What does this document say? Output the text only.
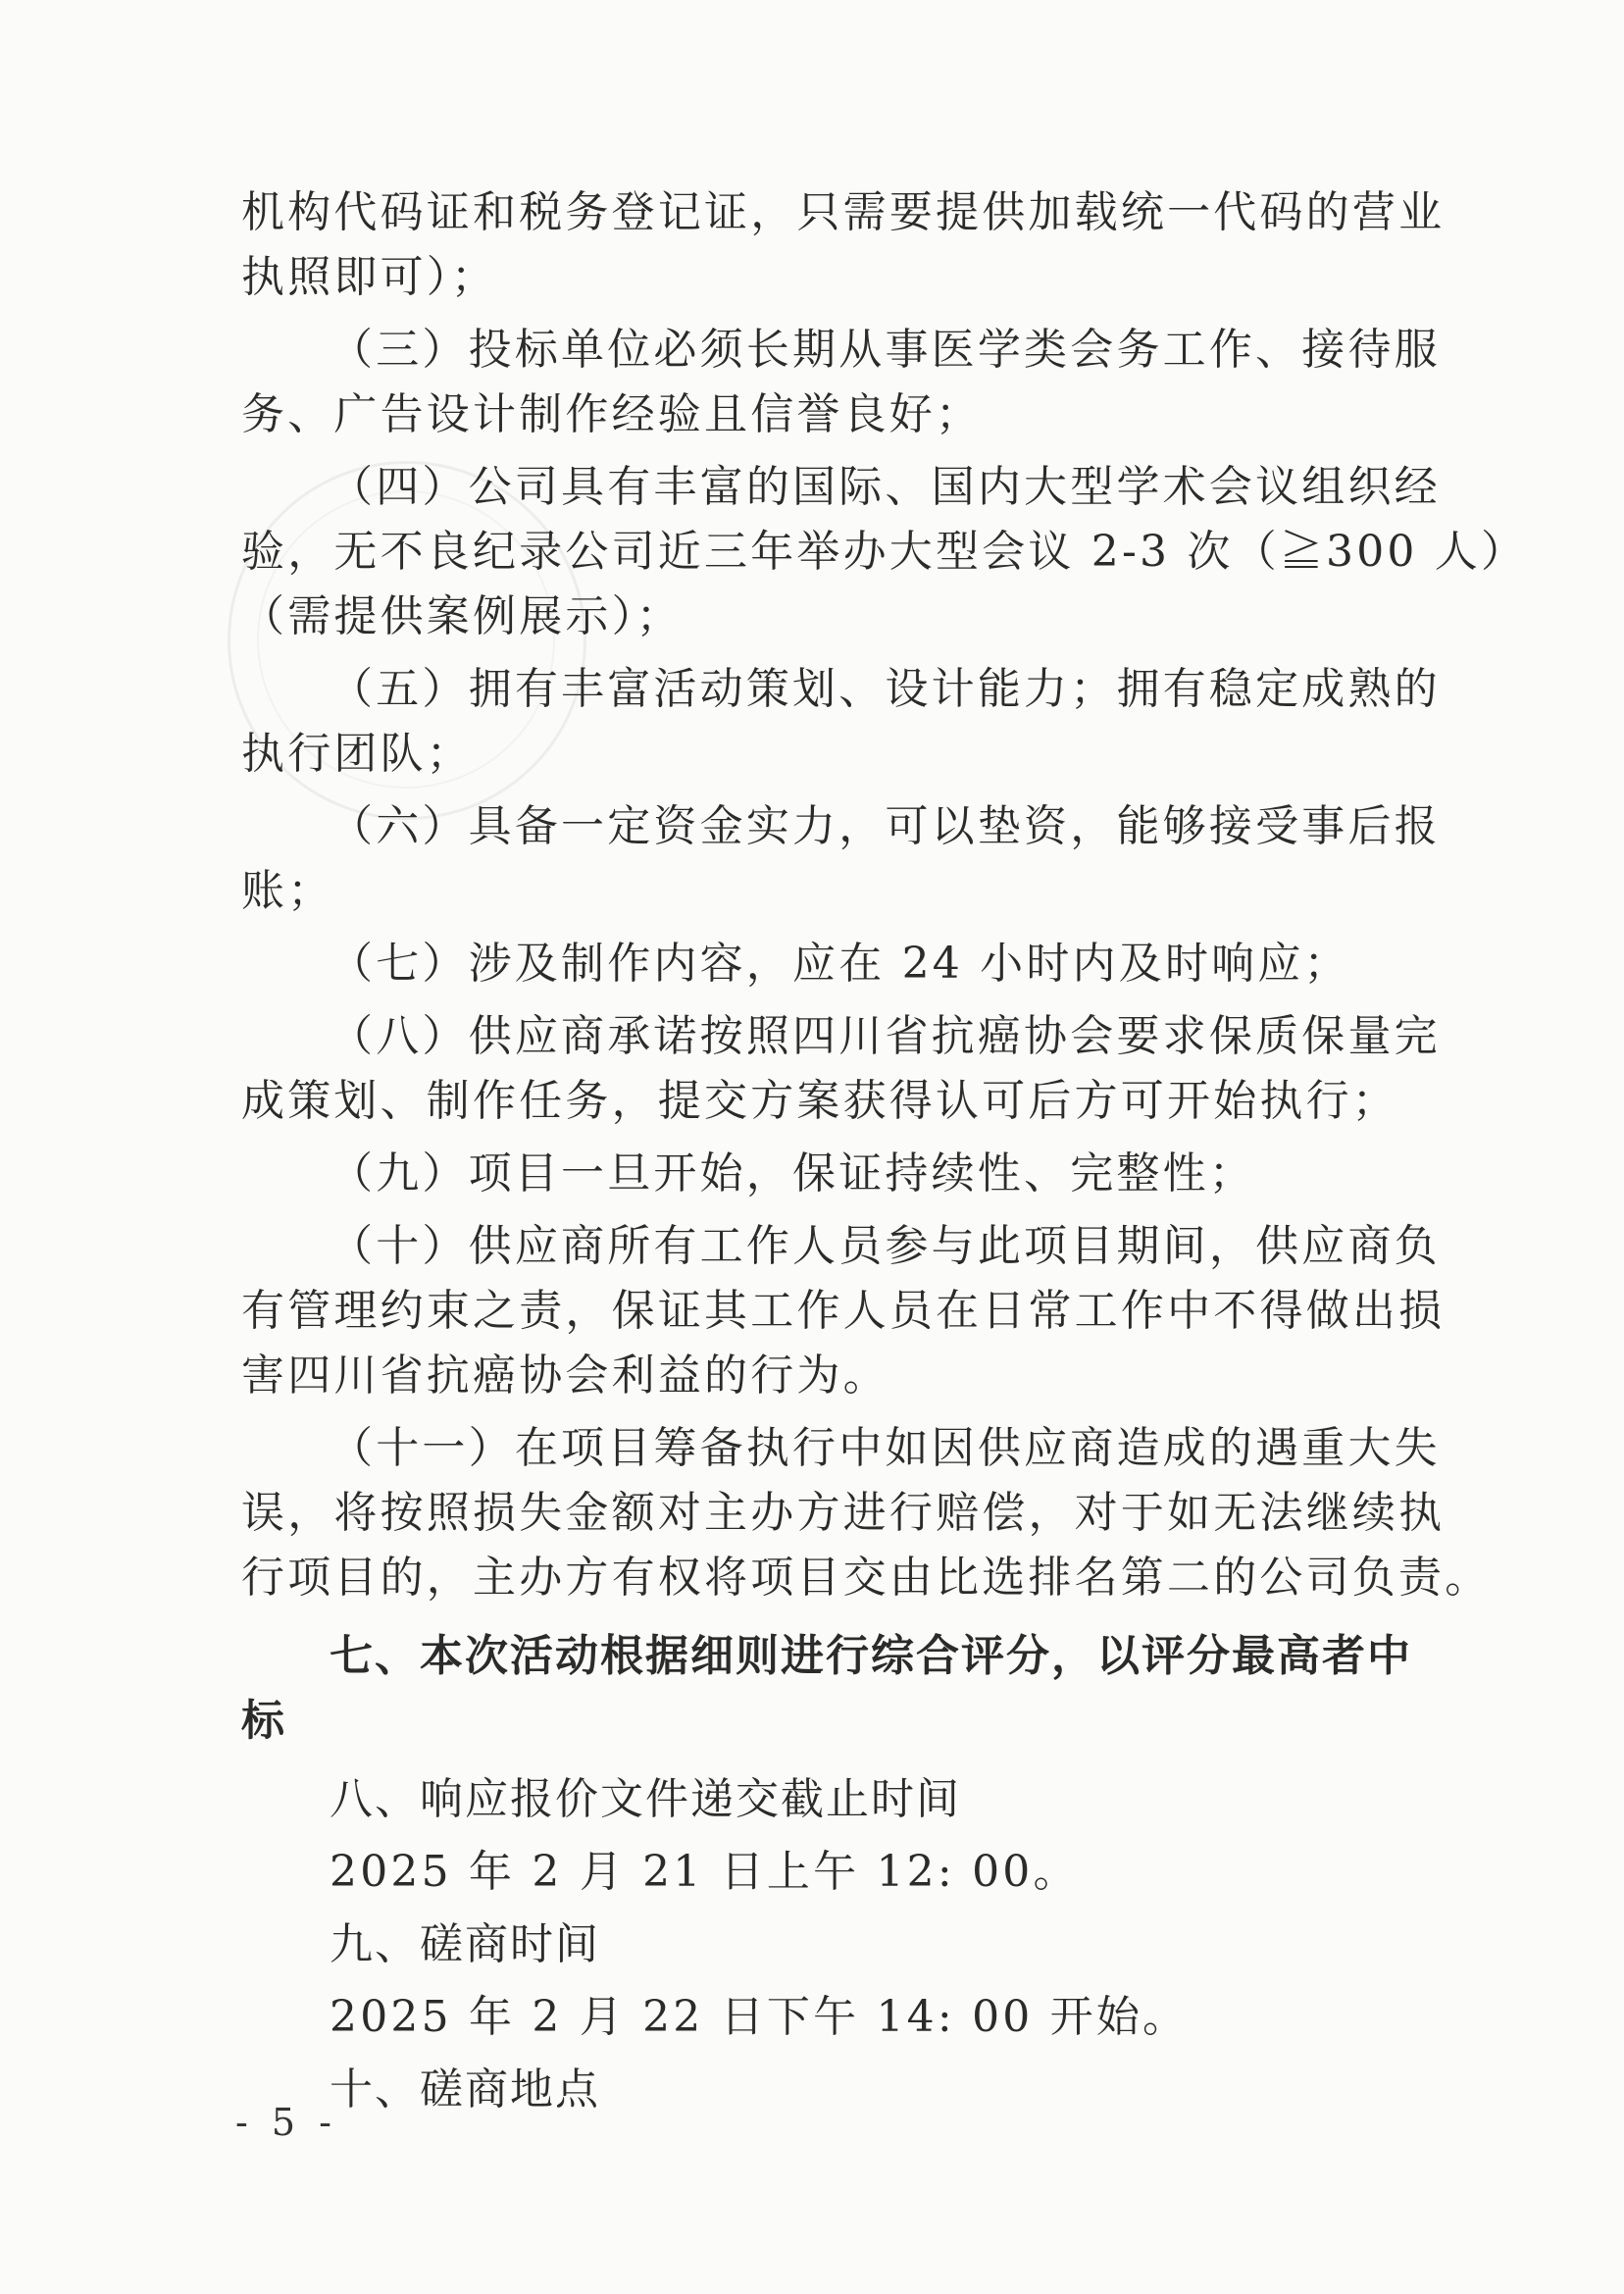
机 构 代 码 证 和 税 务 登 记 证 ， 只 需 要 提 供 加 载 统 一 代 码 的 营 业
执照即可）；
（ 三 ） 投 标 单 位 必 须 长 期 从 事 医 学 类 会 务 工 作 、 接 待 服
务、广告设计制作经验且信誉良好；
（ 四 ） 公 司 具 有 丰 富 的 国 际 、 国 内 大 型 学 术 会 议 组 织 经
验，无不良纪录公司近三年举办大型会议 2-3 次（≧300 人）
（需提供案例展示）；
（ 五 ） 拥 有 丰 富 活 动 策 划 、 设 计 能 力 ； 拥 有 稳 定 成 熟 的
执行团队；
（ 六 ） 具 备 一 定 资 金 实 力 ， 可 以 垫 资 ， 能 够 接 受 事 后 报
账；
（七）涉及制作内容，应在 24 小时内及时响应；
（ 八 ） 供 应 商 承 诺 按 照 四 川 省 抗 癌 协 会 要 求 保 质 保 量 完
成策划、制作任务，提交方案获得认可后方可开始执行；
（九）项目一旦开始，保证持续性、完整性；
（ 十 ） 供 应 商 所 有 工 作 人 员 参 与 此 项 目 期 间 ， 供 应 商 负
有 管 理 约 束 之 责 ， 保 证 其 工 作 人 员 在 日 常 工 作 中 不 得 做 出 损
害四川省抗癌协会利益的行为。
（ 十 一 ） 在 项 目 筹 备 执 行 中 如 因 供 应 商 造 成 的 遇 重 大 失
误 ， 将 按 照 损 失 金 额 对 主 办 方 进 行 赔 偿 ， 对 于 如 无 法 继 续 执
行项目的，主办方有权将项目交由比选排名第二的公司负责。
七、本次活动根据细则进行综合评分，以评分最高者中
标
八、响应报价文件递交截止时间
2025 年 2 月 21 日上午 12: 00。
九、磋商时间
2025 年 2 月 22 日下午 14: 00 开始。
十、磋商地点
- 5 -
